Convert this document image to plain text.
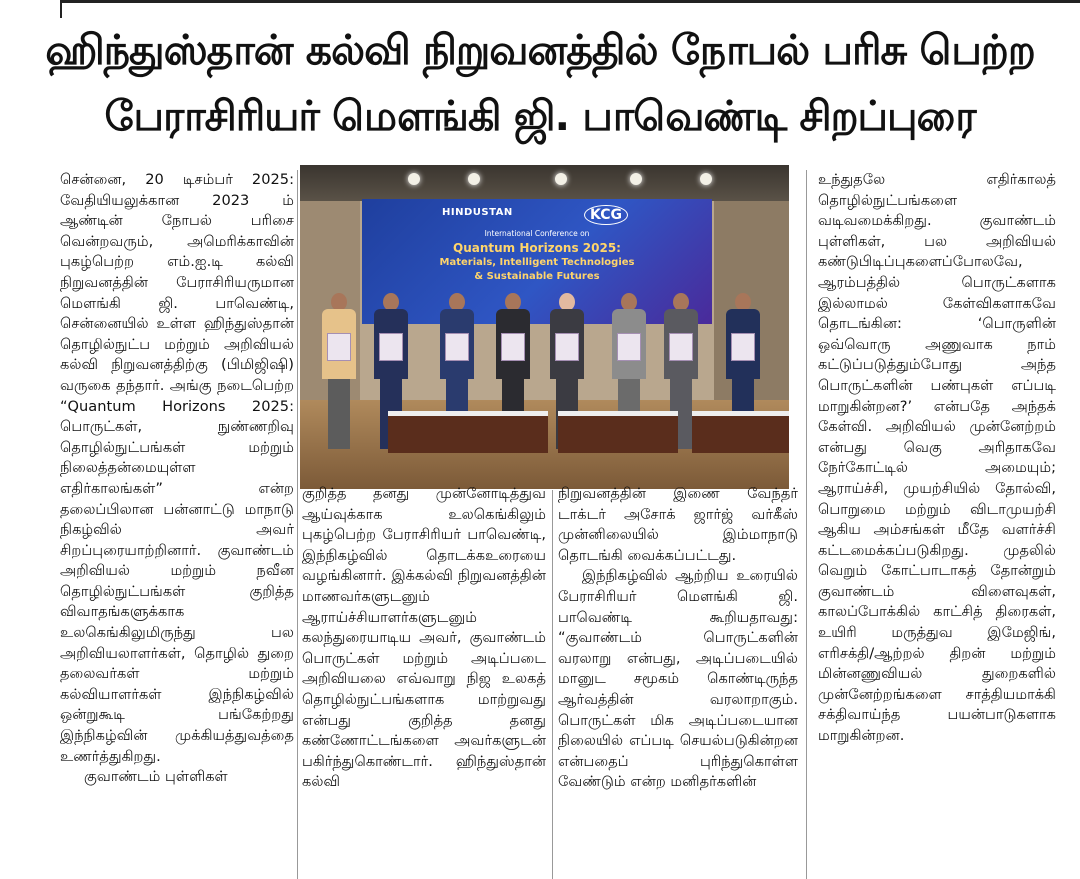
ஹிந்துஸ்தான் கல்வி நிறுவனத்தில் நோபல் பரிசு பெற்ற
பேராசிரியர் மௌங்கி ஜி. பாவெண்டி சிறப்புரை

சென்னை, 20 டிசம்பர் 2025: வேதியியலுக்கான 2023 ம் ஆண்டின் நோபல் பரிசை வென்றவரும், அமெரிக்காவின் புகழ்பெற்ற எம்.ஐ.டி கல்வி நிறுவனத்தின் பேராசிரியருமான மௌங்கி ஜி. பாவெண்டி, சென்னையில் உள்ள ஹிந்துஸ்தான் தொழில்நுட்ப மற்றும் அறிவியல் கல்வி நிறுவனத்திற்கு (பிமிஜிஷி) வருகை தந்தார். அங்கு நடைபெற்ற “Quantum Horizons 2025: பொருட்கள், நுண்ணறிவு தொழில்நுட்பங்கள் மற்றும் நிலைத்தன்மையுள்ள எதிர்காலங்கள்” என்ற தலைப்பிலான பன்னாட்டு மாநாடு நிகழ்வில் அவர் சிறப்புரையாற்றினார். குவாண்டம் அறிவியல் மற்றும் நவீன தொழில்நுட்பங்கள் குறித்த விவாதங்களுக்காக உலகெங்கிலுமிருந்து பல அறிவியலாளர்கள், தொழில் துறை தலைவர்கள் மற்றும் கல்வியாளர்கள் இந்நிகழ்வில் ஒன்றுகூடி பங்கேற்றது இந்நிகழ்வின் முக்கியத்துவத்தை உணர்த்துகிறது.

குவாண்டம் புள்ளிகள்

HINDUSTAN	KCG
International Conference on
Quantum Horizons 2025:
Materials, Intelligent Technologies
& Sustainable Futures

குறித்த தனது முன்னோடித்துவ ஆய்வுக்காக உலகெங்கிலும் புகழ்பெற்ற பேராசிரியர் பாவெண்டி, இந்நிகழ்வில் தொடக்கஉரையை வழங்கினார். இக்கல்வி நிறுவனத்தின் மாணவர்களுடனும் ஆராய்ச்சியாளர்களுடனும் கலந்துரையாடிய அவர், குவாண்டம் பொருட்கள் மற்றும் அடிப்படை அறிவியலை எவ்வாறு நிஜ உலகத் தொழில்நுட்பங்களாக மாற்றுவது என்பது குறித்த தனது கண்ணோட்டங்களை அவர்களுடன் பகிர்ந்துகொண்டார். ஹிந்துஸ்தான் கல்வி

நிறுவனத்தின் இணை வேந்தர் டாக்டர் அசோக் ஜார்ஜ் வர்கீஸ் முன்னிலையில் இம்மாநாடு தொடங்கி வைக்கப்பட்டது.

இந்நிகழ்வில் ஆற்றிய உரையில் பேராசிரியர் மௌங்கி ஜி. பாவெண்டி கூறியதாவது: “குவாண்டம் பொருட்களின் வரலாறு என்பது, அடிப்படையில் மானுட சமூகம் கொண்டிருந்த ஆர்வத்தின் வரலாறாகும். பொருட்கள் மிக அடிப்படையான நிலையில் எப்படி செயல்படுகின்றன என்பதைப் புரிந்துகொள்ள வேண்டும் என்ற மனிதர்களின்

உந்துதலே எதிர்காலத் தொழில்நுட்பங்களை வடிவமைக்கிறது. குவாண்டம் புள்ளிகள், பல அறிவியல் கண்டுபிடிப்புகளைப்போலவே, ஆரம்பத்தில் பொருட்களாக இல்லாமல் கேள்விகளாகவே தொடங்கின: ‘பொருளின் ஒவ்வொரு அணுவாக நாம் கட்டுப்படுத்தும்போது அந்த பொருட்களின் பண்புகள் எப்படி மாறுகின்றன?’ என்பதே அந்தக் கேள்வி. அறிவியல் முன்னேற்றம் என்பது வெகு அரிதாகவே நேர்கோட்டில் அமையும்; ஆராய்ச்சி, முயற்சியில் தோல்வி, பொறுமை மற்றும் விடாமுயற்சி ஆகிய அம்சங்கள் மீதே வளர்ச்சி கட்டமைக்கப்படுகிறது. முதலில் வெறும் கோட்பாடாகத் தோன்றும் குவாண்டம் விளைவுகள், காலப்போக்கில் காட்சித் திரைகள், உயிரி மருத்துவ இமேஜிங், எரிசக்தி/ஆற்றல் திறன் மற்றும் மின்னணுவியல் துறைகளில் முன்னேற்றங்களை சாத்தியமாக்கி சக்திவாய்ந்த பயன்பாடுகளாக மாறுகின்றன.
